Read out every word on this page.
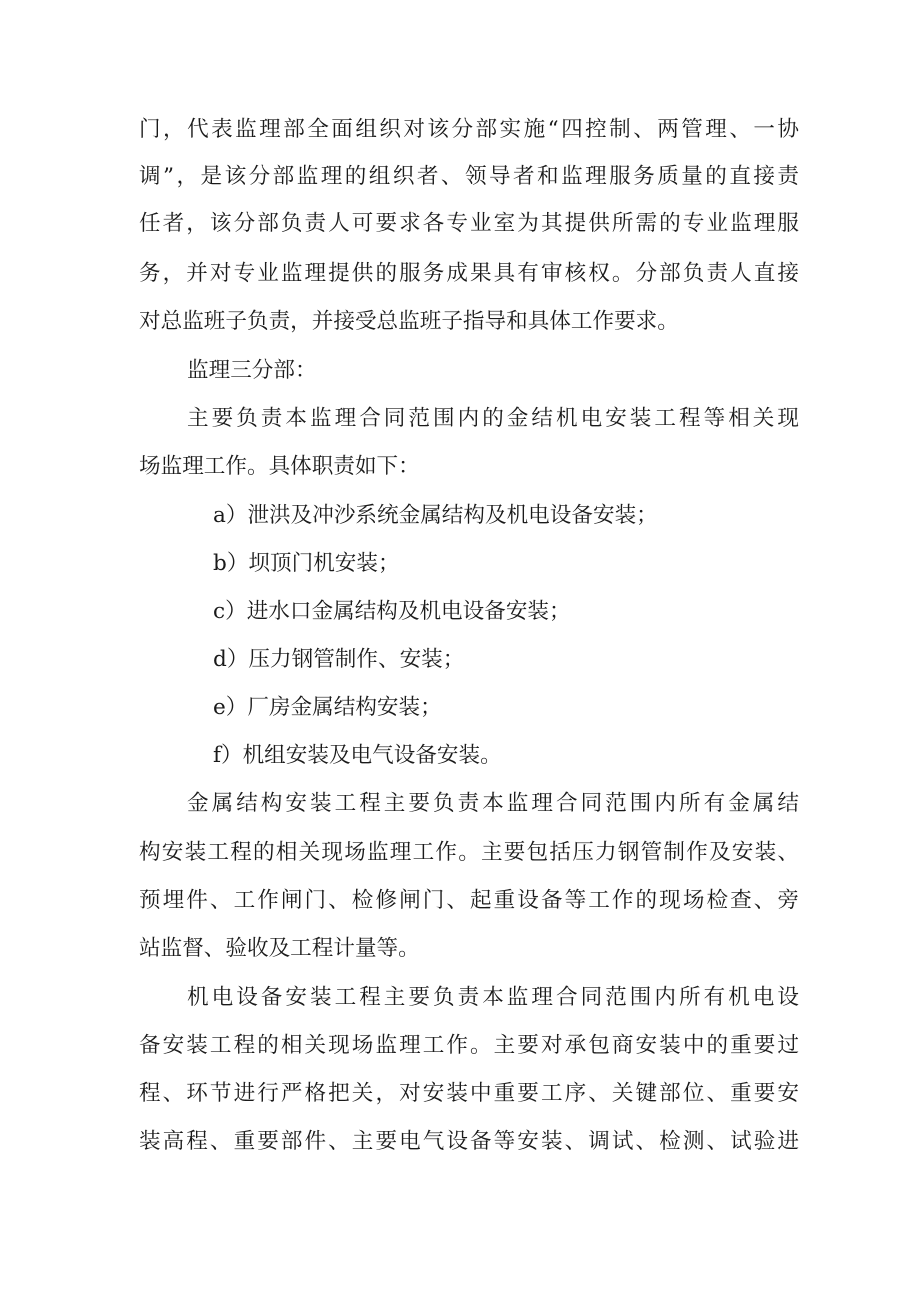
门，代表监理部全面组织对该分部实施“四控制、两管理、一协
调”，是该分部监理的组织者、领导者和监理服务质量的直接责
任者，该分部负责人可要求各专业室为其提供所需的专业监理服
务，并对专业监理提供的服务成果具有审核权。分部负责人直接
对总监班子负责，并接受总监班子指导和具体工作要求。
监理三分部：
主要负责本监理合同范围内的金结机电安装工程等相关现
场监理工作。具体职责如下：
a）泄洪及冲沙系统金属结构及机电设备安装；
b）坝顶门机安装；
c）进水口金属结构及机电设备安装；
d）压力钢管制作、安装；
e）厂房金属结构安装；
f）机组安装及电气设备安装。
金属结构安装工程主要负责本监理合同范围内所有金属结
构安装工程的相关现场监理工作。主要包括压力钢管制作及安装、
预埋件、工作闸门、检修闸门、起重设备等工作的现场检查、旁
站监督、验收及工程计量等。
机电设备安装工程主要负责本监理合同范围内所有机电设
备安装工程的相关现场监理工作。主要对承包商安装中的重要过
程、环节进行严格把关，对安装中重要工序、关键部位、重要安
装高程、重要部件、主要电气设备等安装、调试、检测、试验进
